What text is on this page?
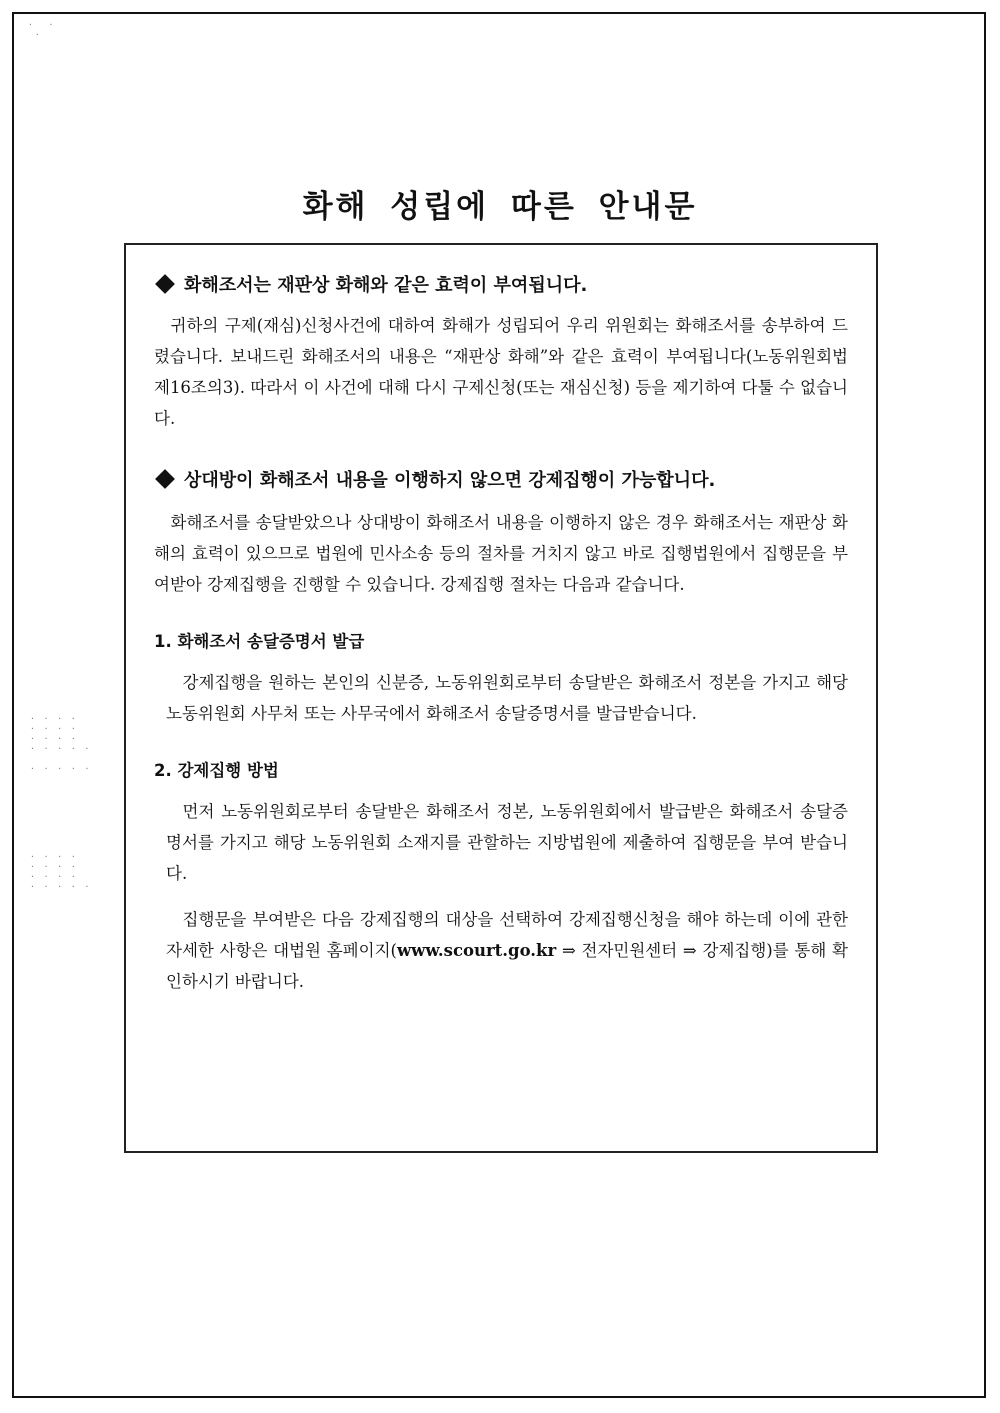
·  ·
·
· · · ·
· · · ·
· · · ·
· · · · ·

· · · · ·
· · · ·
· · · ·
· · · ·
· · · · ·
화해 성립에 따른 안내문
화해조서는 재판상 화해와 같은 효력이 부여됩니다.

귀하의 구제(재심)신청사건에 대하여 화해가 성립되어 우리 위원회는 화해조서를 송부하여 드렸습니다. 보내드린 화해조서의 내용은 “재판상 화해”와 같은 효력이 부여됩니다(노동위원회법 제16조의3). 따라서 이 사건에 대해 다시 구제신청(또는 재심신청) 등을 제기하여 다툴 수 없습니다.

상대방이 화해조서 내용을 이행하지 않으면 강제집행이 가능합니다.

화해조서를 송달받았으나 상대방이 화해조서 내용을 이행하지 않은 경우 화해조서는 재판상 화해의 효력이 있으므로 법원에 민사소송 등의 절차를 거치지 않고 바로 집행법원에서 집행문을 부여받아 강제집행을 진행할 수 있습니다. 강제집행 절차는 다음과 같습니다.

1. 화해조서 송달증명서 발급

강제집행을 원하는 본인의 신분증, 노동위원회로부터 송달받은 화해조서 정본을 가지고 해당 노동위원회 사무처 또는 사무국에서 화해조서 송달증명서를 발급받습니다.

2. 강제집행 방법

먼저 노동위원회로부터 송달받은 화해조서 정본, 노동위원회에서 발급받은 화해조서 송달증명서를 가지고 해당 노동위원회 소재지를 관할하는 지방법원에 제출하여 집행문을 부여 받습니다.

집행문을 부여받은 다음 강제집행의 대상을 선택하여 강제집행신청을 해야 하는데 이에 관한 자세한 사항은 대법원 홈페이지(www.scourt.go.kr ⇒ 전자민원센터 ⇒ 강제집행)를 통해 확인하시기 바랍니다.
